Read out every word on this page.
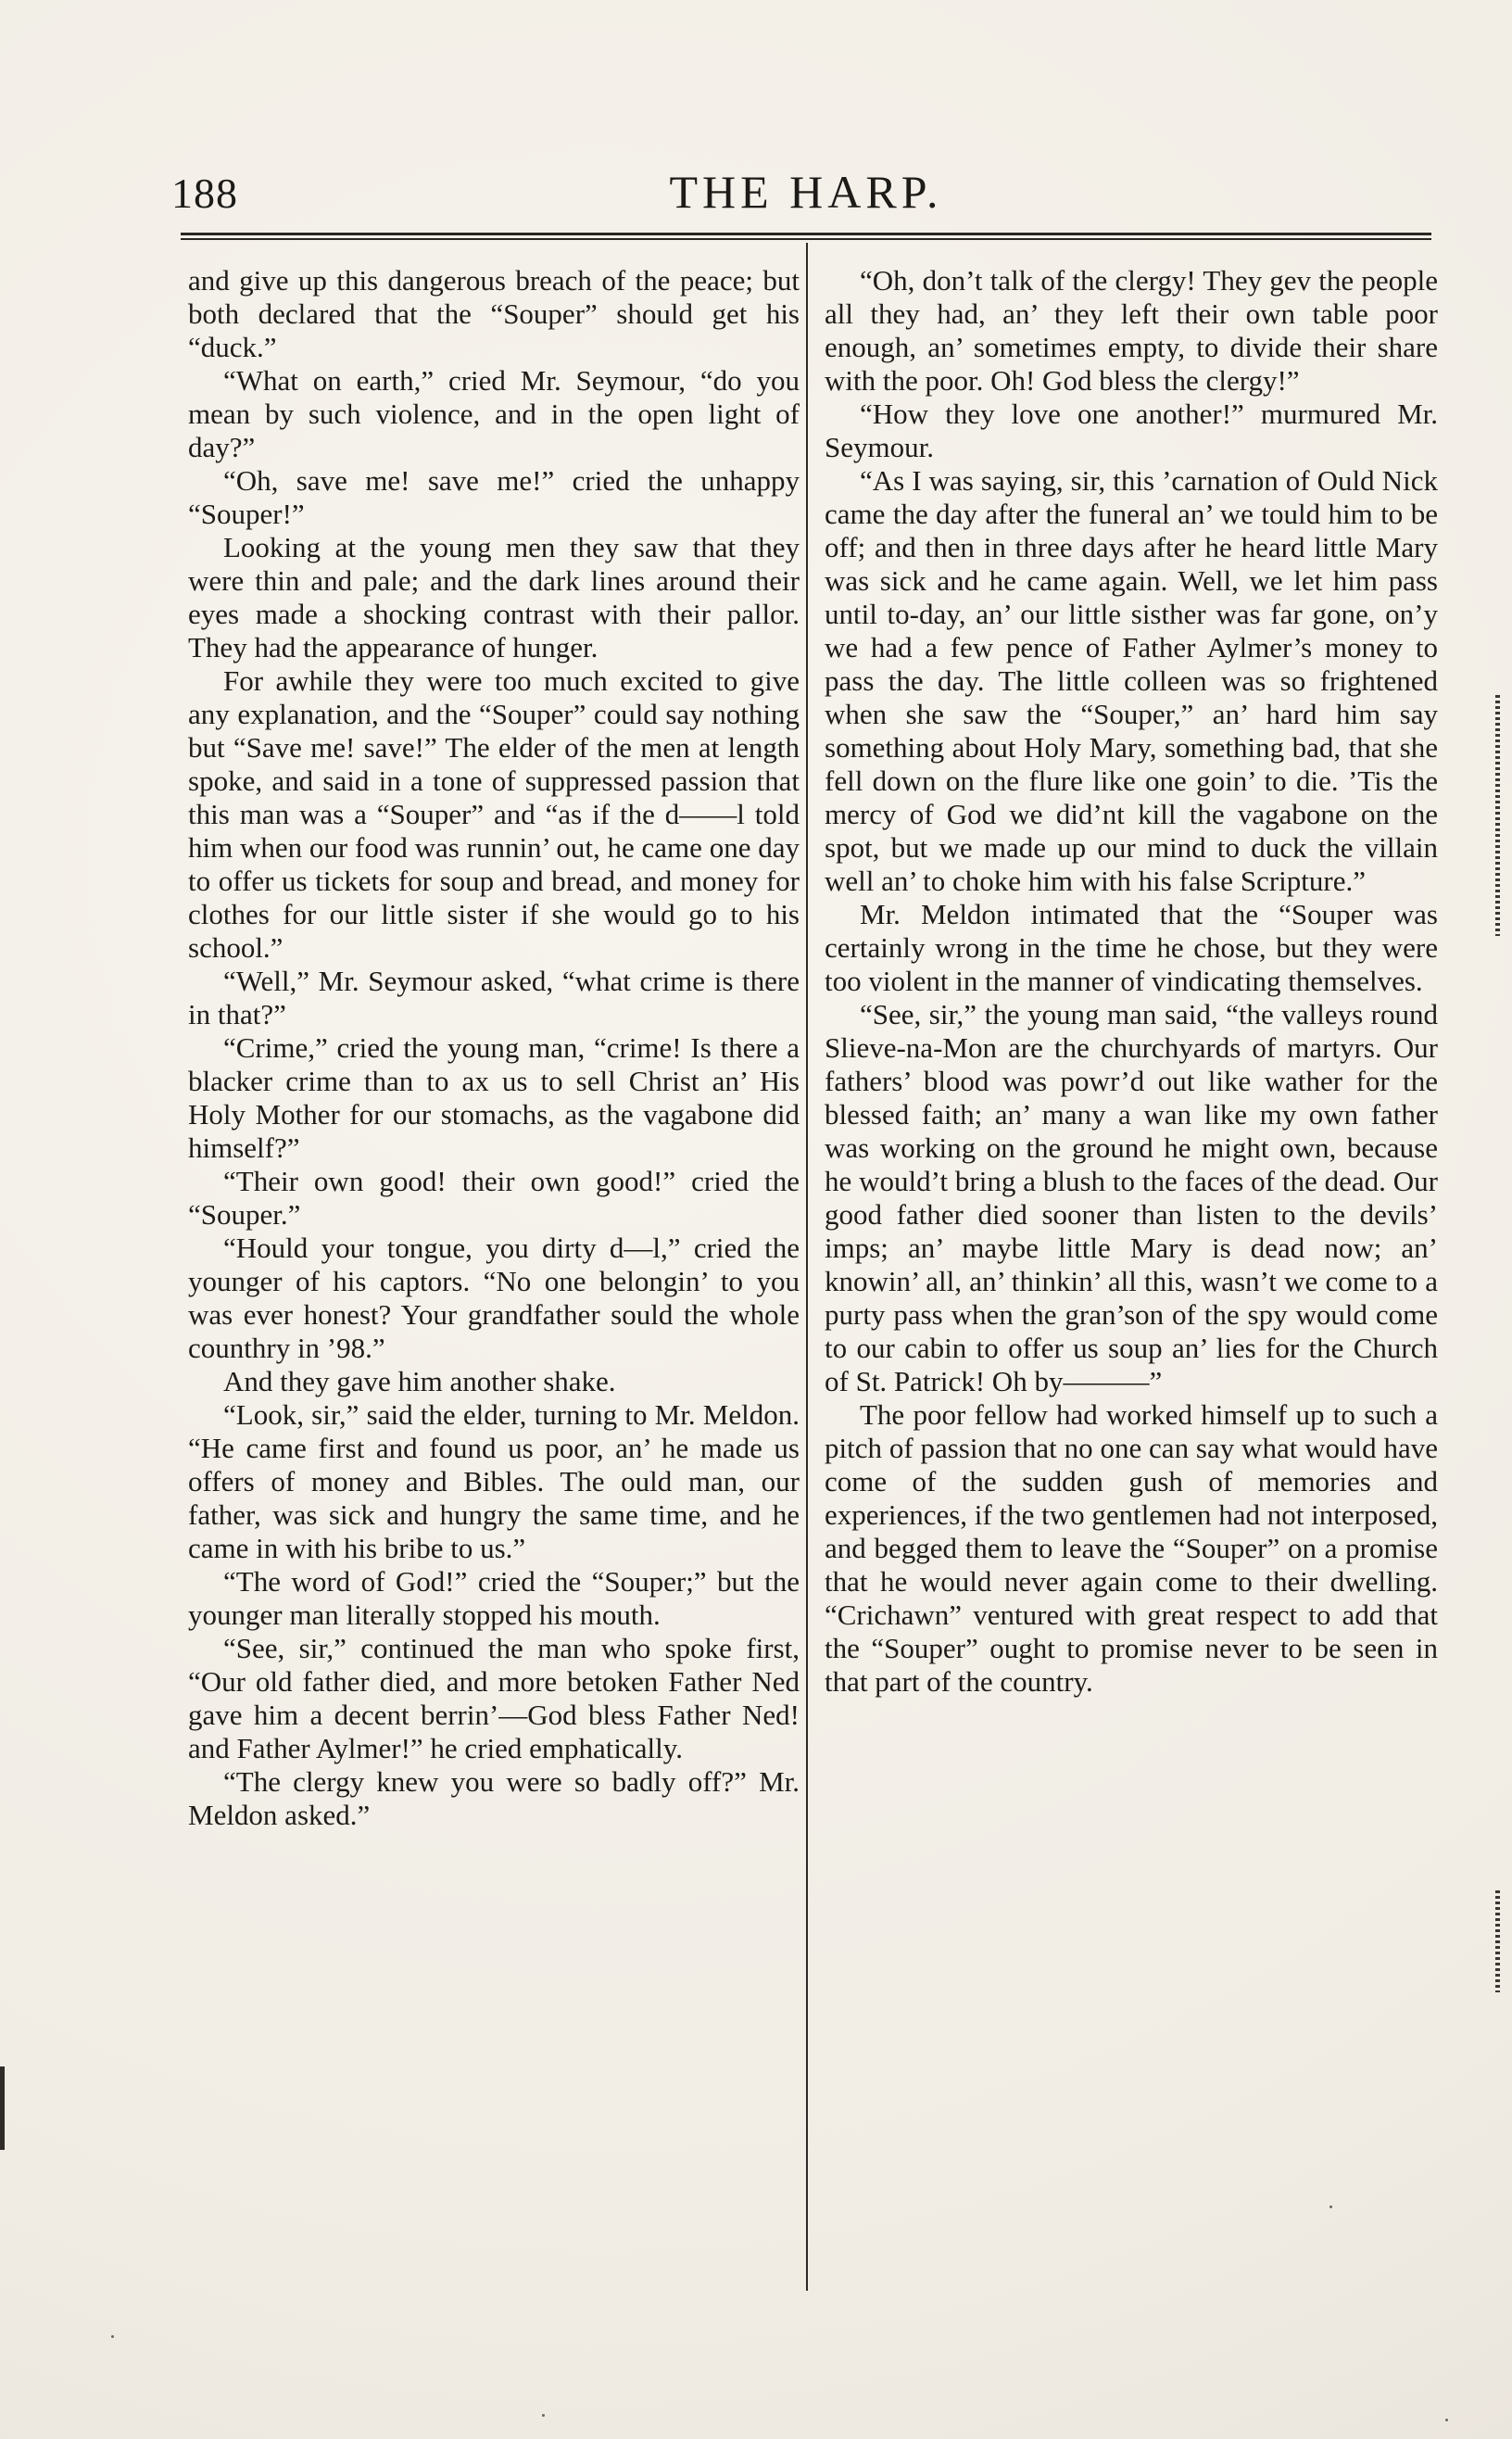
188	THE HARP.

and give up this dangerous breach of the peace; but both declared that the “Souper” should get his “duck.”

“What on earth,” cried Mr. Seymour, “do you mean by such violence, and in the open light of day?”

“Oh, save me! save me!” cried the unhappy “Souper!”

Looking at the young men they saw that they were thin and pale; and the dark lines around their eyes made a shocking contrast with their pallor. They had the appearance of hunger.

For awhile they were too much excited to give any explanation, and the “Souper” could say nothing but “Save me! save!” The elder of the men at length spoke, and said in a tone of suppressed passion that this man was a “Souper” and “as if the d——l told him when our food was runnin’ out, he came one day to offer us tickets for soup and bread, and money for clothes for our little sister if she would go to his school.”

“Well,” Mr. Seymour asked, “what crime is there in that?”

“Crime,” cried the young man, “crime! Is there a blacker crime than to ax us to sell Christ an’ His Holy Mother for our stomachs, as the vagabone did himself?”

“Their own good! their own good!” cried the “Souper.”

“Hould your tongue, you dirty d—l,” cried the younger of his captors. “No one belongin’ to you was ever honest? Your grandfather sould the whole counthry in ’98.”

And they gave him another shake.

“Look, sir,” said the elder, turning to Mr. Meldon. “He came first and found us poor, an’ he made us offers of money and Bibles. The ould man, our father, was sick and hungry the same time, and he came in with his bribe to us.”

“The word of God!” cried the “Souper;” but the younger man literally stopped his mouth.

“See, sir,” continued the man who spoke first, “Our old father died, and more betoken Father Ned gave him a decent berrin’—God bless Father Ned! and Father Aylmer!” he cried emphatically.

“The clergy knew you were so badly off?” Mr. Meldon asked.”

“Oh, don’t talk of the clergy! They gev the people all they had, an’ they left their own table poor enough, an’ sometimes empty, to divide their share with the poor. Oh! God bless the clergy!”

“How they love one another!” murmured Mr. Seymour.

“As I was saying, sir, this ’carnation of Ould Nick came the day after the funeral an’ we tould him to be off; and then in three days after he heard little Mary was sick and he came again. Well, we let him pass until to-day, an’ our little sisther was far gone, on’y we had a few pence of Father Aylmer’s money to pass the day. The little colleen was so frightened when she saw the “Souper,” an’ hard him say something about Holy Mary, something bad, that she fell down on the flure like one goin’ to die. ’Tis the mercy of God we did’nt kill the vagabone on the spot, but we made up our mind to duck the villain well an’ to choke him with his false Scripture.”

Mr. Meldon intimated that the “Souper was certainly wrong in the time he chose, but they were too violent in the manner of vindicating themselves.

“See, sir,” the young man said, “the valleys round Slieve-na-Mon are the churchyards of martyrs. Our fathers’ blood was powr’d out like wather for the blessed faith; an’ many a wan like my own father was working on the ground he might own, because he would’t bring a blush to the faces of the dead. Our good father died sooner than listen to the devils’ imps; an’ maybe little Mary is dead now; an’ knowin’ all, an’ thinkin’ all this, wasn’t we come to a purty pass when the gran’son of the spy would come to our cabin to offer us soup an’ lies for the Church of St. Patrick! Oh by———”

The poor fellow had worked himself up to such a pitch of passion that no one can say what would have come of the sudden gush of memories and experiences, if the two gentlemen had not interposed, and begged them to leave the “Souper” on a promise that he would never again come to their dwelling. “Crichawn” ventured with great respect to add that the “Souper” ought to promise never to be seen in that part of the country.
